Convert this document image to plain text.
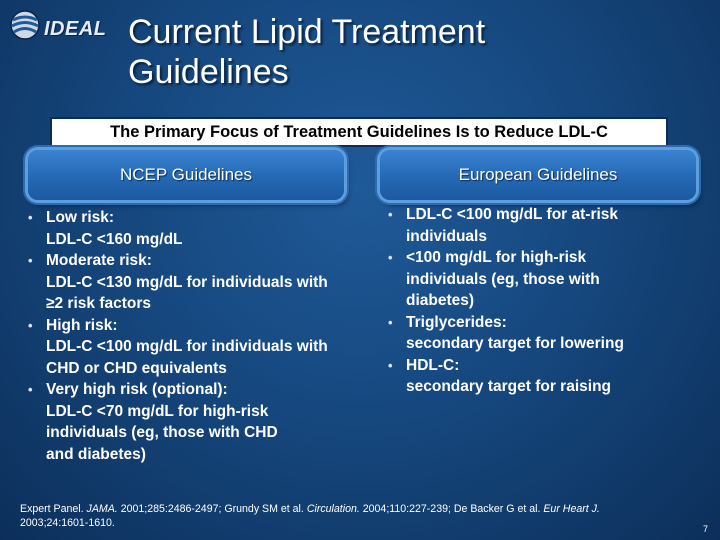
IDEAL Current Lipid Treatment
Guidelines
The Primary Focus of Treatment Guidelines Is to Reduce LDL-C
NCEP Guidelines	European Guidelines
• Low risk:
LDL-C <160 mg/dL
• Moderate risk:
LDL-C <130 mg/dL for individuals with
≥2 risk factors
• High risk:
LDL-C <100 mg/dL for individuals with
CHD or CHD equivalents
• Very high risk (optional):
LDL-C <70 mg/dL for high-risk
individuals (eg, those with CHD
and diabetes)
• LDL-C <100 mg/dL for at-risk
individuals
• <100 mg/dL for high-risk
individuals (eg, those with
diabetes)
• Triglycerides:
secondary target for lowering
• HDL-C:
secondary target for raising
Expert Panel. JAMA. 2001;285:2486-2497; Grundy SM et al. Circulation. 2004;110:227-239; De Backer G et al. Eur Heart J.
2003;24:1601-1610.	7
